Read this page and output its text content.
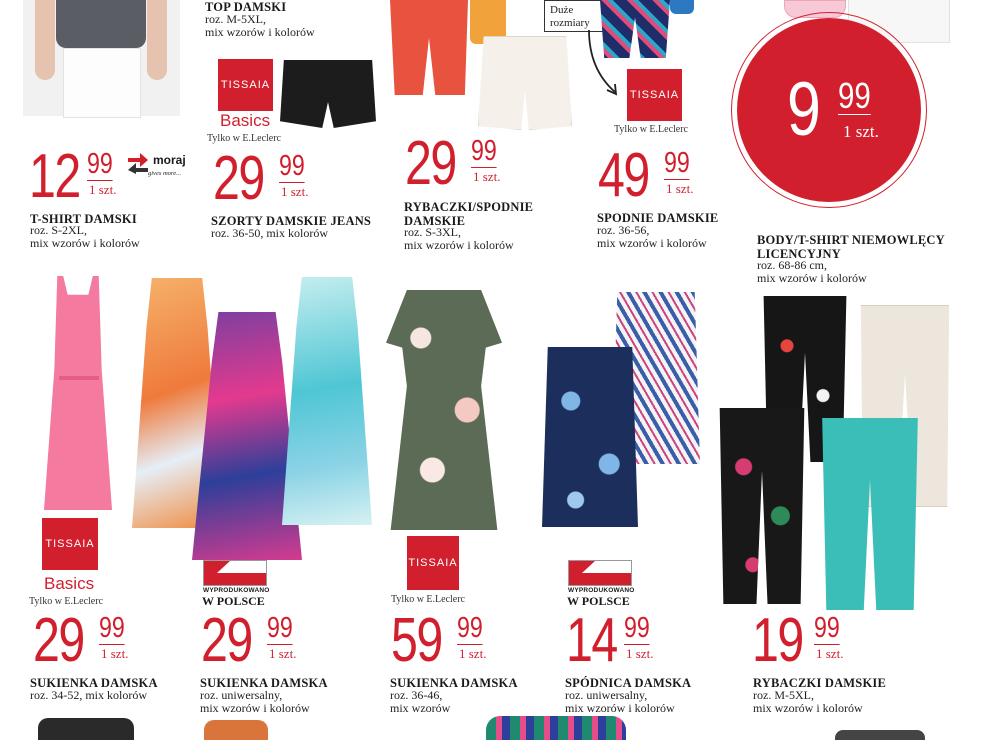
TOP DAMSKI
roz. M-5XL,
mix wzorów i kolorów
Duże
rozmiary
9 99
1 szt.
TISSAIA
Basics
Tylko w E.Leclerc
TISSAIA
Tylko w E.Leclerc
12 99
1 szt.
moraj
gives more...
T-SHIRT DAMSKI
roz. S-2XL,
mix wzorów i kolorów
29 99
1 szt.
SZORTY DAMSKIE JEANS
roz. 36-50, mix kolorów
29 99
1 szt.
RYBACZKI/SPODNIE
DAMSKIE
roz. S-3XL,
mix wzorów i kolorów
49 99
1 szt.
SPODNIE DAMSKIE
roz. 36-56,
mix wzorów i kolorów	BODY/T-SHIRT NIEMOWLĘCY
LICENCYJNY
roz. 68-86 cm,
mix wzorów i kolorów
TISSAIA
Basics
Tylko w E.Leclerc
WYPRODUKOWANO
W POLSCE
TISSAIA
Tylko w E.Leclerc
WYPRODUKOWANO
W POLSCE
29 99
1 szt.
SUKIENKA DAMSKA
roz. 34-52, mix kolorów
29 99
1 szt.
SUKIENKA DAMSKA
roz. uniwersalny,
mix wzorów i kolorów
59 99
1 szt.
SUKIENKA DAMSKA
roz. 36-46,
mix wzorów
14 99
1 szt.
SPÓDNICA DAMSKA
roz. uniwersalny,
mix wzorów i kolorów
19 99
1 szt.
RYBACZKI DAMSKIE
roz. M-5XL,
mix wzorów i kolorów
